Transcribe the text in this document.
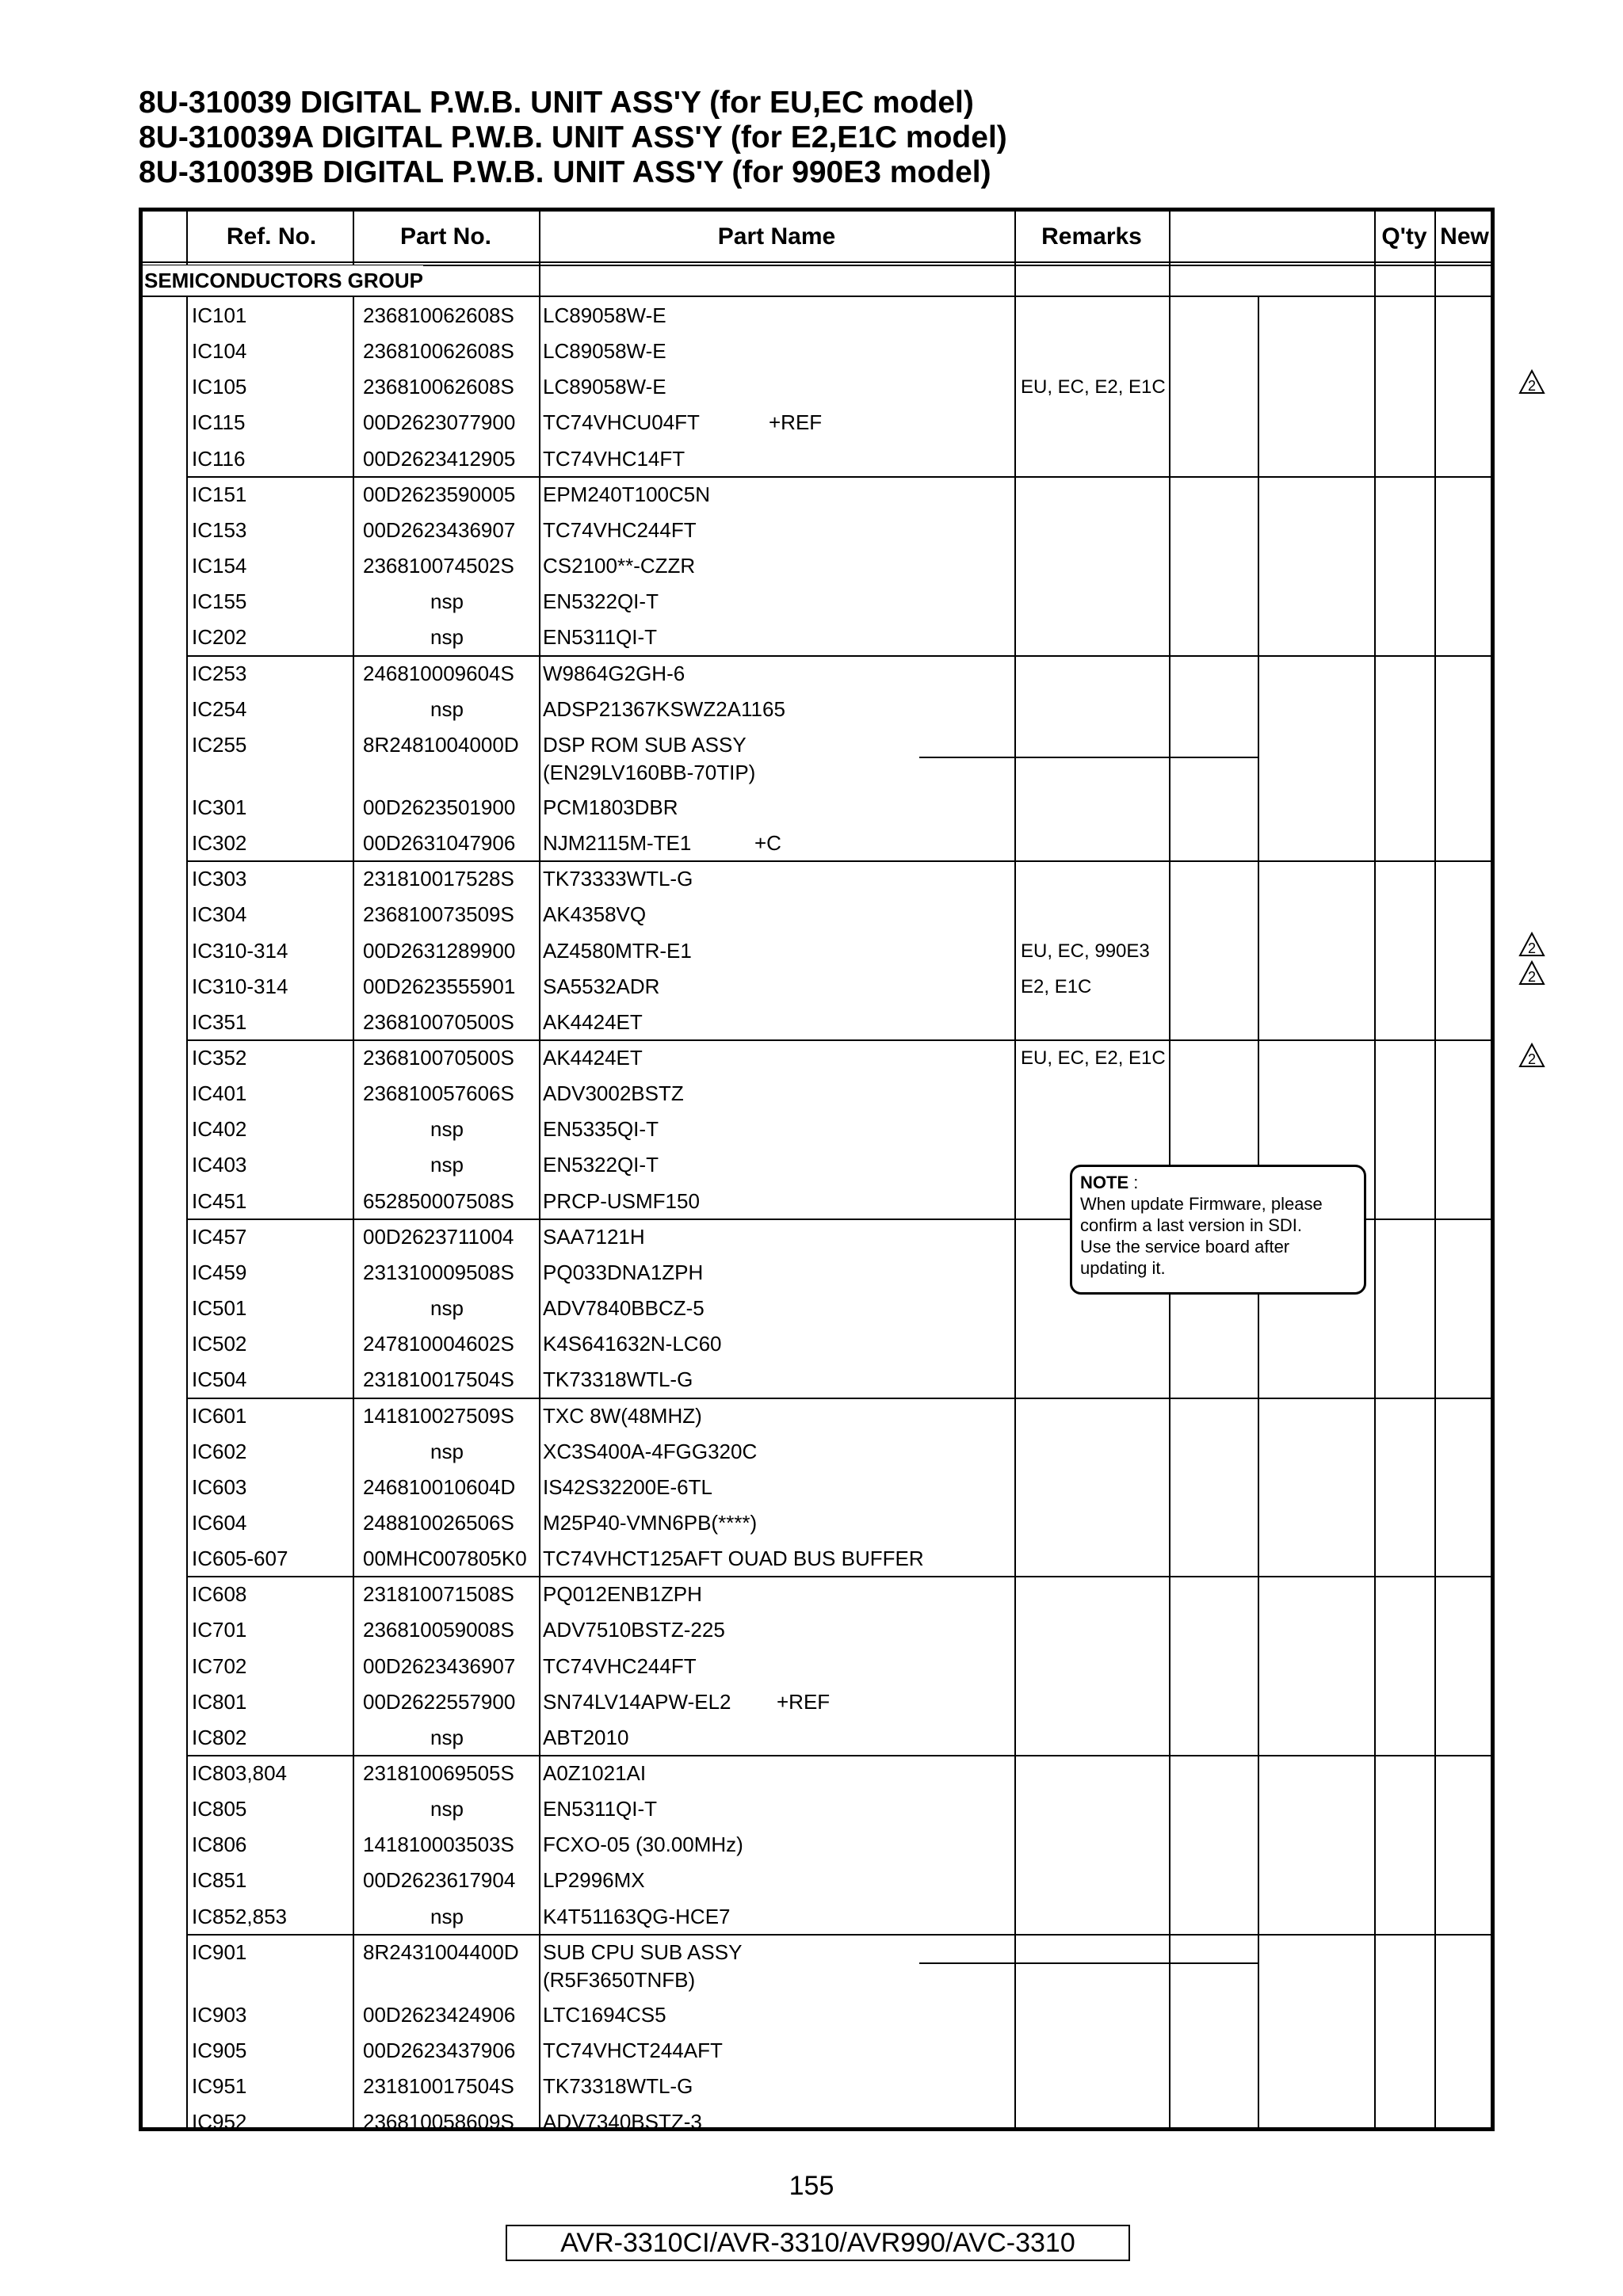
8U-310039 DIGITAL P.W.B. UNIT ASS'Y (for EU,EC model)
8U-310039A DIGITAL P.W.B. UNIT ASS'Y (for E2,E1C model)
8U-310039B DIGITAL P.W.B. UNIT ASS'Y (for 990E3 model)
Ref. No.	Part No.	Part Name	Remarks	Q'ty New
SEMICONDUCTORS GROUP
IC101	236810062608S LC89058W-E
IC104	236810062608S LC89058W-E
IC105	236810062608S LC89058W-E	EU, EC, E2, E1C
IC115	00D2623077900 TC74VHCU04FT	+REF
IC116	00D2623412905 TC74VHC14FT
IC151	00D2623590005 EPM240T100C5N
IC153	00D2623436907 TC74VHC244FT
IC154	236810074502S CS2100**-CZZR
IC155	nsp	EN5322QI-T
IC202	nsp	EN5311QI-T
IC253	246810009604S W9864G2GH-6
IC254	nsp	ADSP21367KSWZ2A1165
IC255	8R2481004000D DSP ROM SUB ASSY
(EN29LV160BB-70TIP)
IC301	00D2623501900 PCM1803DBR
IC302	00D2631047906 NJM2115M-TE1	+C
IC303	231810017528S TK73333WTL-G
IC304	236810073509S AK4358VQ
IC310-314	00D2631289900 AZ4580MTR-E1	EU, EC, 990E3
IC310-314	00D2623555901 SA5532ADR	E2, E1C
IC351	236810070500S AK4424ET
IC352	236810070500S AK4424ET	EU, EC, E2, E1C
IC401	236810057606S ADV3002BSTZ
IC402	nsp	EN5335QI-T
IC403	nsp	EN5322QI-T
IC451	652850007508S PRCP-USMF150
IC457	00D2623711004 SAA7121H
IC459	231310009508S PQ033DNA1ZPH
IC501	nsp	ADV7840BBCZ-5
IC502	247810004602S K4S641632N-LC60
IC504	231810017504S TK73318WTL-G
IC601	141810027509S TXC 8W(48MHZ)
IC602	nsp	XC3S400A-4FGG320C
IC603	246810010604D IS42S32200E-6TL
IC604	248810026506S M25P40-VMN6PB(****)
IC605-607	00MHC007805K0 TC74VHCT125AFT OUAD BUS BUFFER
IC608	231810071508S PQ012ENB1ZPH
IC701	236810059008S ADV7510BSTZ-225
IC702	00D2623436907 TC74VHC244FT
IC801	00D2622557900 SN74LV14APW-EL2 +REF
IC802	nsp	ABT2010
IC803,804	231810069505S A0Z1021AI
IC805	nsp	EN5311QI-T
IC806	141810003503S FCXO-05 (30.00MHz)
IC851	00D2623617904 LP2996MX
IC852,853	nsp	K4T51163QG-HCE7
IC901	8R2431004400D SUB CPU SUB ASSY
(R5F3650TNFB)
IC903	00D2623424906 LTC1694CS5
IC905	00D2623437906 TC74VHCT244AFT
IC951	231810017504S TK73318WTL-G
IC952	236810058609S ADV7340BSTZ-3
2
2
2
2
NOTE :
When update Firmware, please
confirm a last version in SDI.
Use the service board after
updating it.
155
AVR-3310CI/AVR-3310/AVR990/AVC-3310
